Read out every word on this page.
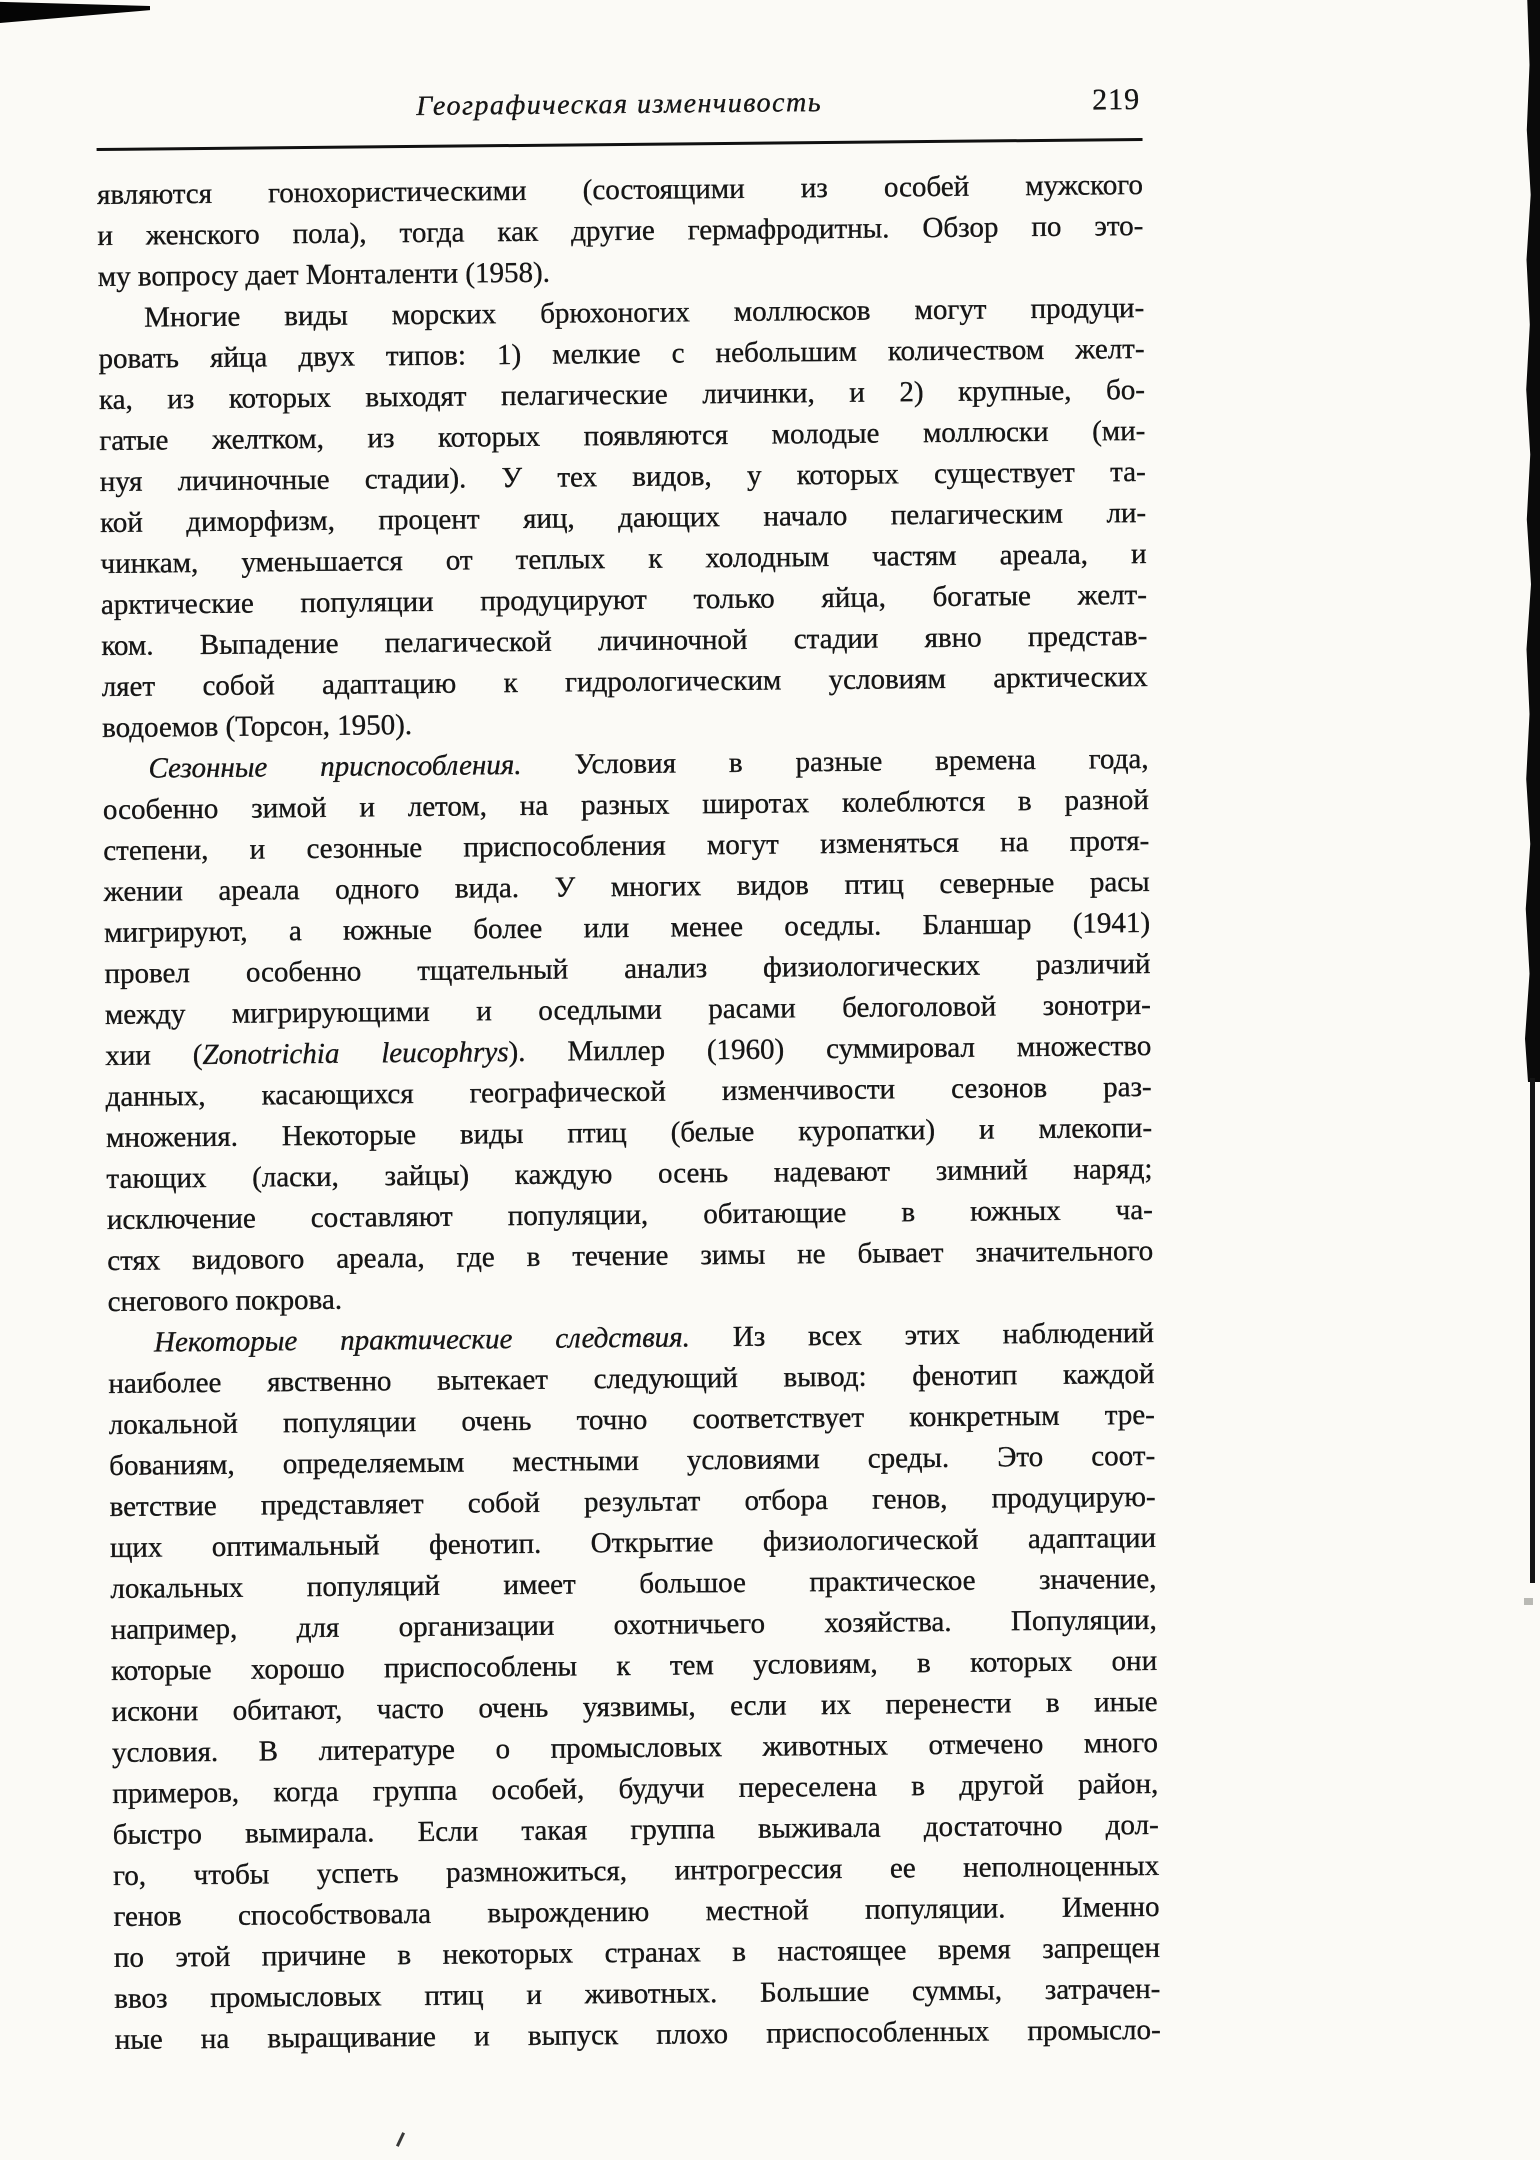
Географическая изменчивость	219
являются гонохористическими (состоящими из особей мужского
и женского пола), тогда как другие гермафродитны. Обзор по это-
му вопросу дает Монталенти (1958).
Многие виды морских брюхоногих моллюсков могут продуци-
ровать яйца двух типов: 1) мелкие с небольшим количеством желт-
ка, из которых выходят пелагические личинки, и 2) крупные, бо-
гатые желтком, из которых появляются молодые моллюски (ми-
нуя личиночные стадии). У тех видов, у которых существует та-
кой диморфизм, процент яиц, дающих начало пелагическим ли-
чинкам, уменьшается от теплых к холодным частям ареала, и
арктические популяции продуцируют только яйца, богатые желт-
ком. Выпадение пелагической личиночной стадии явно представ-
ляет собой адаптацию к гидрологическим условиям арктических
водоемов (Торсон, 1950).
Сезонные приспособления. Условия в разные времена года,
особенно зимой и летом, на разных широтах колеблются в разной
степени, и сезонные приспособления могут изменяться на протя-
жении ареала одного вида. У многих видов птиц северные расы
мигрируют, а южные более или менее оседлы. Бланшар (1941)
провел особенно тщательный анализ физиологических различий
между мигрирующими и оседлыми расами белоголовой зонотри-
хии (Zonotrichia leucophrys). Миллер (1960) суммировал множество
данных, касающихся географической изменчивости сезонов раз-
множения. Некоторые виды птиц (белые куропатки) и млекопи-
тающих (ласки, зайцы) каждую осень надевают зимний наряд;
исключение составляют популяции, обитающие в южных ча-
стях видового ареала, где в течение зимы не бывает значительного
снегового покрова.
Некоторые практические следствия. Из всех этих наблюдений
наиболее явственно вытекает следующий вывод: фенотип каждой
локальной популяции очень точно соответствует конкретным тре-
бованиям, определяемым местными условиями среды. Это соот-
ветствие представляет собой результат отбора генов, продуцирую-
щих оптимальный фенотип. Открытие физиологической адаптации
локальных популяций имеет большое практическое значение,
например, для организации охотничьего хозяйства. Популяции,
которые хорошо приспособлены к тем условиям, в которых они
искони обитают, часто очень уязвимы, если их перенести в иные
условия. В литературе о промысловых животных отмечено много
примеров, когда группа особей, будучи переселена в другой район,
быстро вымирала. Если такая группа выживала достаточно дол-
го, чтобы успеть размножиться, интрогрессия ее неполноценных
генов способствовала вырождению местной популяции. Именно
по этой причине в некоторых странах в настоящее время запрещен
ввоз промысловых птиц и животных. Большие суммы, затрачен-
ные на выращивание и выпуск плохо приспособленных промысло-
